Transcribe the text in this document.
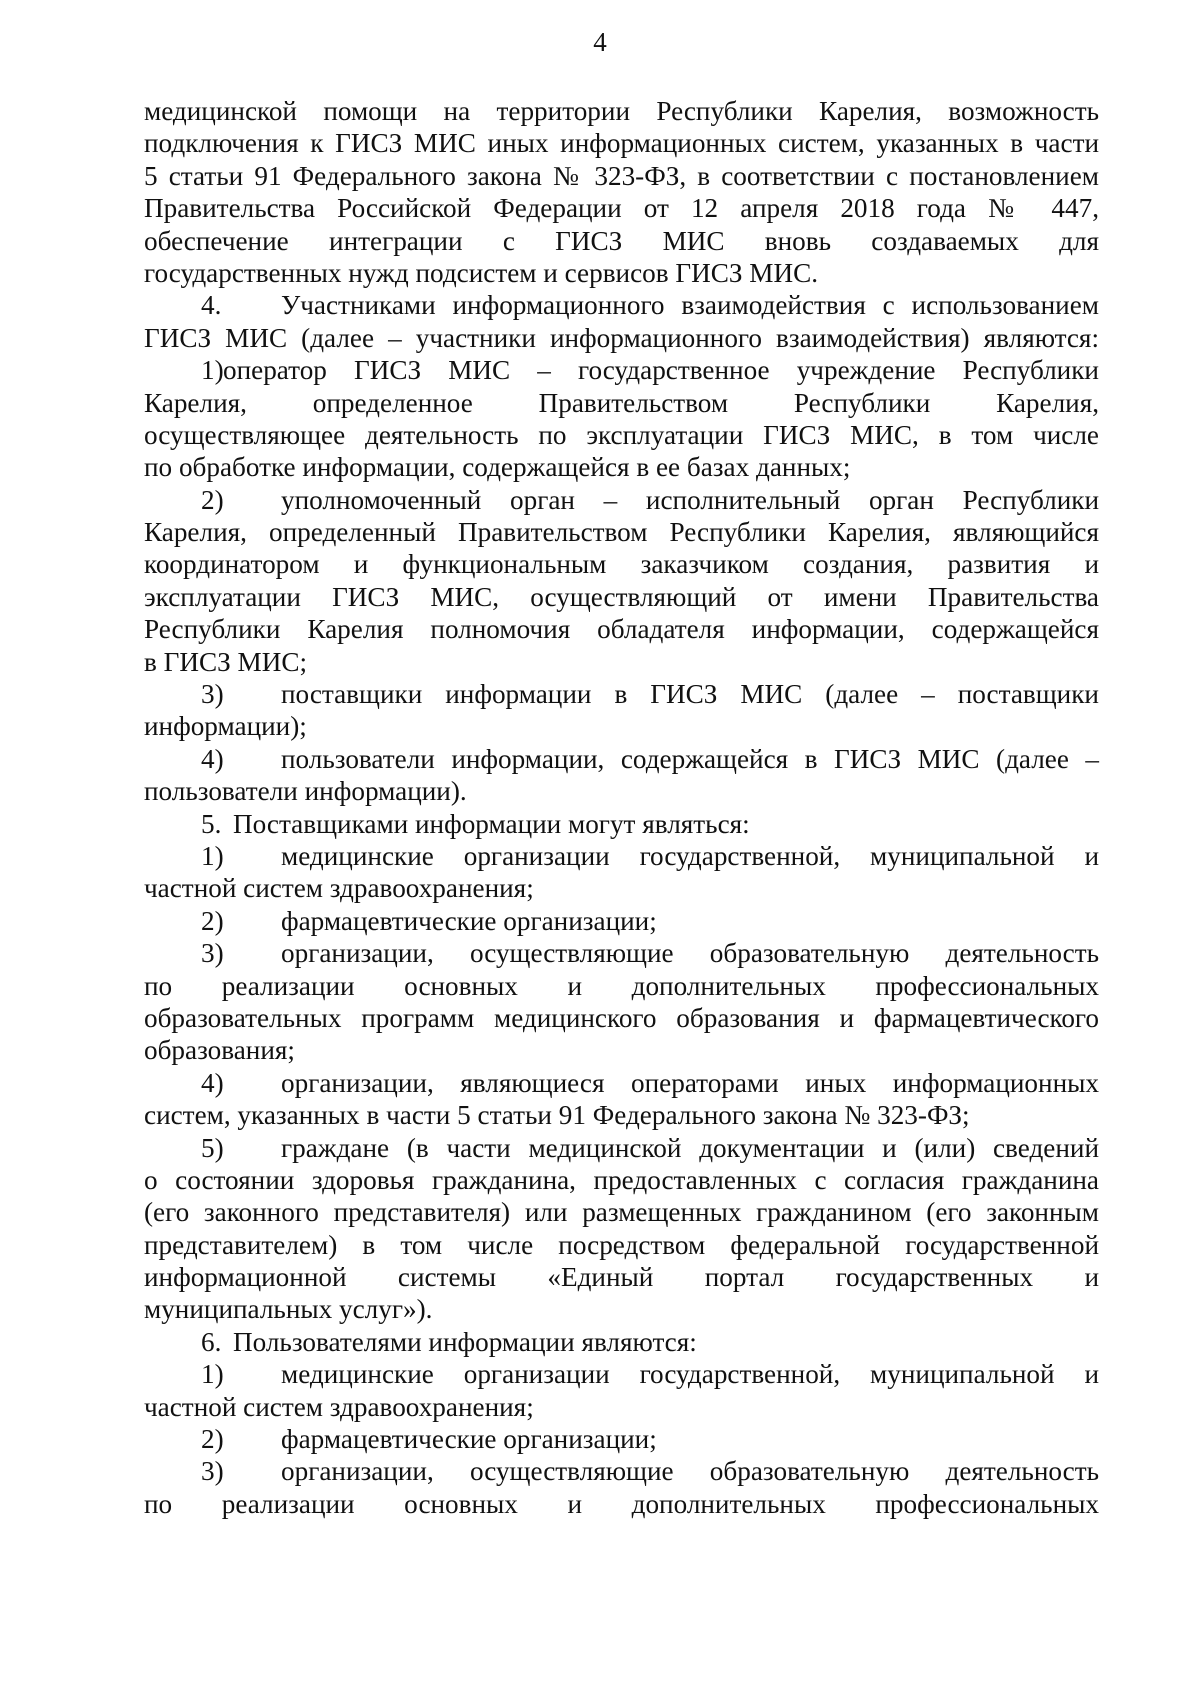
4
медицинской помощи на территории Республики Карелия, возможность
подключения к ГИСЗ МИС иных информационных систем, указанных в части
5 статьи 91 Федерального закона № 323-ФЗ, в соответствии с постановлением
Правительства Российской Федерации от 12 апреля 2018 года № 447,
обеспечение интеграции с ГИСЗ МИС вновь создаваемых для
государственных нужд подсистем и сервисов ГИСЗ МИС.
4.	Участниками информационного взаимодействия с использованием
ГИСЗ МИС (далее – участники информационного взаимодействия) являются:
1) оператор ГИСЗ МИС – государственное учреждение Республики
Карелия, определенное Правительством Республики Карелия,
осуществляющее деятельность по эксплуатации ГИСЗ МИС, в том числе
по обработке информации, содержащейся в ее базах данных;
2)	уполномоченный орган – исполнительный орган Республики
Карелия, определенный Правительством Республики Карелия, являющийся
координатором и функциональным заказчиком создания, развития и
эксплуатации ГИСЗ МИС, осуществляющий от имени Правительства
Республики Карелия полномочия обладателя информации, содержащейся
в ГИСЗ МИС;
3)	поставщики информации в ГИСЗ МИС (далее – поставщики
информации);
4)	пользователи информации, содержащейся в ГИСЗ МИС (далее –
пользователи информации).
5. Поставщиками информации могут являться:
1)	медицинские организации государственной, муниципальной и
частной систем здравоохранения;
2)	фармацевтические организации;
3)	организации, осуществляющие образовательную деятельность
по реализации основных и дополнительных профессиональных
образовательных программ медицинского образования и фармацевтического
образования;
4)	организации, являющиеся операторами иных информационных
систем, указанных в части 5 статьи 91 Федерального закона № 323-ФЗ;
5)	граждане (в части медицинской документации и (или) сведений
о состоянии здоровья гражданина, предоставленных с согласия гражданина
(его законного представителя) или размещенных гражданином (его законным
представителем) в том числе посредством федеральной государственной
информационной системы «Единый портал государственных и
муниципальных услуг»).
6. Пользователями информации являются:
1)	медицинские организации государственной, муниципальной и
частной систем здравоохранения;
2)	фармацевтические организации;
3)	организации, осуществляющие образовательную деятельность
по реализации основных и дополнительных профессиональных
